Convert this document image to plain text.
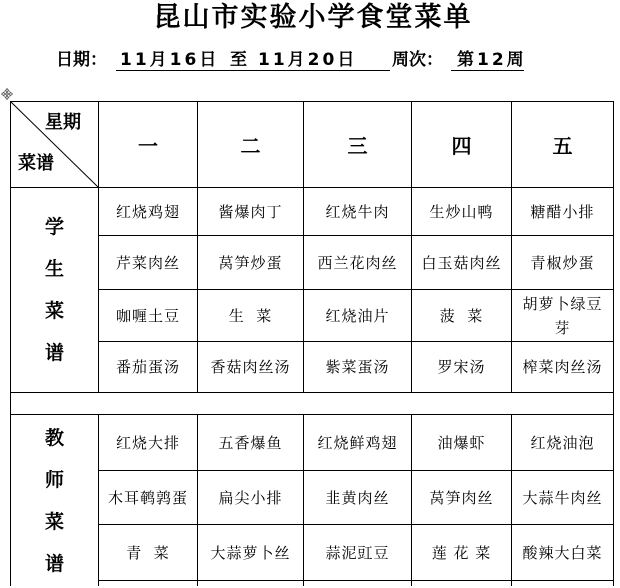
昆山市实验小学食堂菜单
日期： 11月16日 至 11月20日 周次： 第12周
星期
菜谱	一	二	三	四	五
学生菜谱	红烧鸡翅	酱爆肉丁	红烧牛肉	生炒山鸭	糖醋小排
	芹菜肉丝	莴笋炒蛋	西兰花肉丝	白玉菇肉丝	青椒炒蛋
	咖喱土豆	生  菜	红烧油片	菠  菜	胡萝卜绿豆芽
	番茄蛋汤	香菇肉丝汤	紫菜蛋汤	罗宋汤	榨菜肉丝汤

教师菜谱	红烧大排	五香爆鱼	红烧鲜鸡翅	油爆虾	红烧油泡
	木耳鹌鹑蛋	扁尖小排	韭黄肉丝	莴笋肉丝	大蒜牛肉丝
	青  菜	大蒜萝卜丝	蒜泥豇豆	莲 花 菜	酸辣大白菜
